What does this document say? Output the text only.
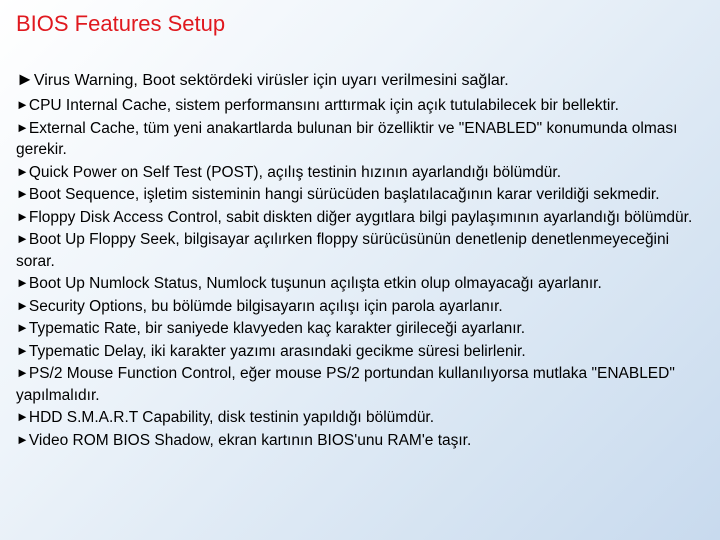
BIOS Features Setup
►Virus Warning, Boot sektördeki virüsler için uyarı verilmesini sağlar.
►CPU Internal Cache, sistem performansını arttırmak için açık tutulabilecek bir bellektir.
►External Cache, tüm yeni anakartlarda bulunan bir özelliktir ve "ENABLED" konumunda olması gerekir.
►Quick Power on Self Test (POST), açılış testinin hızının ayarlandığı bölümdür.
►Boot Sequence, işletim sisteminin hangi sürücüden başlatılacağının karar verildiği sekmedir.
►Floppy Disk Access Control, sabit diskten diğer aygıtlara bilgi paylaşımının ayarlandığı bölümdür.
►Boot Up Floppy Seek, bilgisayar açılırken floppy sürücüsünün denetlenip denetlenmeyeceğini sorar.
►Boot Up Numlock Status, Numlock tuşunun açılışta etkin olup olmayacağı ayarlanır.
►Security Options, bu bölümde bilgisayarın açılışı için parola ayarlanır.
►Typematic Rate, bir saniyede klavyeden kaç karakter girileceği ayarlanır.
►Typematic Delay, iki karakter yazımı arasındaki gecikme süresi belirlenir.
►PS/2 Mouse Function Control, eğer mouse PS/2 portundan kullanılıyorsa mutlaka "ENABLED" yapılmalıdır.
►HDD S.M.A.R.T Capability, disk testinin yapıldığı bölümdür.
►Video ROM BIOS Shadow, ekran kartının BIOS'unu RAM'e taşır.
